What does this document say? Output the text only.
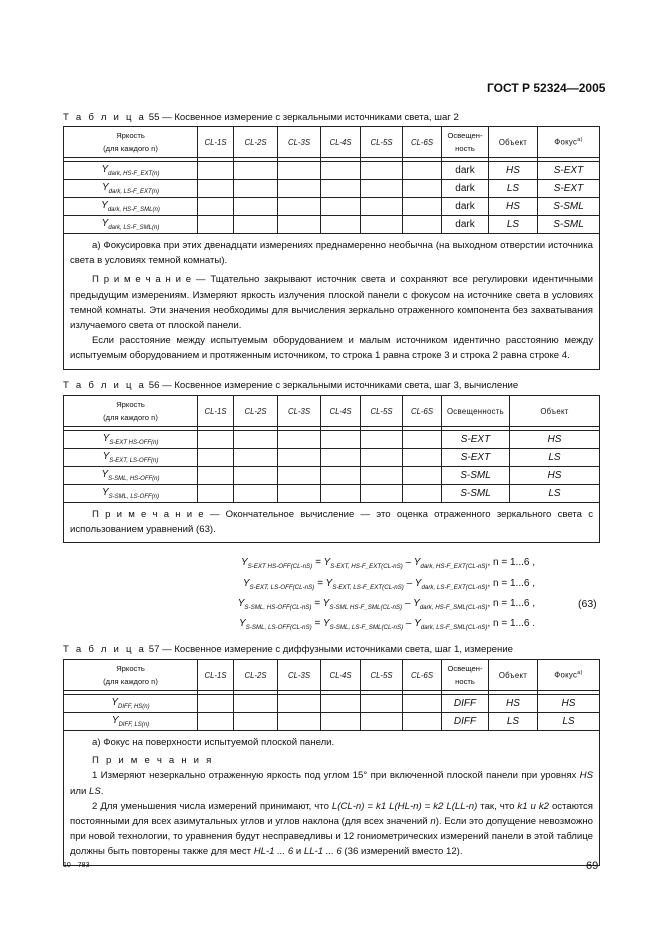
ГОСТ Р 52324—2005
Т а б л и ц а 55 — Косвенное измерение с зеркальными источниками света, шаг 2
Яркость
(для каждого n)	CL-1S	CL-2S	CL-3S	CL-4S	CL-5S	CL-6S	Освещен-
ность	Объект	Фокус$^{а)}$

$Y_{dark, HS-F\_EXT(n)}$							dark	HS	S-EXT
$Y_{dark, LS-F\_EXT(n)}$							dark	LS	S-EXT
$Y_{dark, HS-F\_SML(n)}$							dark	HS	S-SML
$Y_{dark, LS-F\_SML(n)}$							dark	LS	S-SML

а) Фокусировка при этих двенадцати измерениях преднамеренно необычна (на выходном отверстии источника света в условиях темной комнаты).

П р и м е ч а н и е — Тщательно закрывают источник света и сохраняют все регулировки идентичными предыдущим измерениям. Измеряют яркость излучения плоской панели с фокусом на источнике света в условиях темной комнаты. Эти значения необходимы для вычисления зеркально отраженного компонента без захватывания излучаемого света от плоской панели.

Если расстояние между испытуемым оборудованием и малым источником идентично расстоянию между испытуемым оборудованием и протяженным источником, то строка 1 равна строке 3 и строка 2 равна строке 4.									

Т а б л и ц а 56 — Косвенное измерение с зеркальными источниками света, шаг 3, вычисление
Яркость
(для каждого n)	CL-1S	CL-2S	CL-3S	CL-4S	CL-5S	CL-6S	Освещенность	Объект

$Y_{S-EXT HS-OFF(n)}$							S-EXT	HS
$Y_{S-EXT, LS-OFF(n)}$							S-EXT	LS
$Y_{S-SML, HS-OFF(n)}$							S-SML	HS
$Y_{S-SML, LS-OFF(n)}$							S-SML	LS

П р и м е ч а н и е — Окончательное вычисление — это оценка отраженного зеркального света с использованием уравнений (63).								

$Y_{S-EXT HS-OFF(CL-nS)} = Y_{S-EXT, HS-F\_EXT(CL-nS)} - Y_{dark, HS-F\_EXT(CL-nS)}$, n = 1...6 ,
$Y_{S-EXT, LS-OFF(CL-nS)} = Y_{S-EXT, LS-F\_EXT(CL-nS)} - Y_{dark, LS-F\_EXT(CL-nS)}$, n = 1...6 ,
$Y_{S-SML, HS-OFF(CL-nS)} = Y_{S-SML HS-F\_SML(CL-nS)} - Y_{dark, HS-F\_SML(CL-nS)}$, n = 1...6 ,
$Y_{S-SML, LS-OFF(CL-nS)} = Y_{S-SML, LS-F\_SML(CL-nS)} - Y_{dark, LS-F\_SML(CL-nS)}$, n = 1...6 .
(63)
Т а б л и ц а 57 — Косвенное измерение с диффузными источниками света, шаг 1, измерение
Яркость
(для каждого n)	CL-1S	CL-2S	CL-3S	CL-4S	CL-5S	CL-6S	Освещен-
ность	Объект	Фокус$^{а)}$

$Y_{DIFF, HS(n)}$							DIFF	HS	HS
$Y_{DIFF, LS(n)}$							DIFF	LS	LS

а) Фокус на поверхности испытуемой плоской панели.

П р и м е ч а н и я

1 Измеряют незеркально отраженную яркость под углом 15° при включенной плоской панели при уровнях HS или LS.

2 Для уменьшения числа измерений принимают, что L(CL-n) = k1 L(HL-n) = k2 L(LL-n) так, что k1 и k2 остаются постоянными для всех азимутальных углов и углов наклона (для всех значений n). Если это допущение невозможно при новой технологии, то уравнения будут несправедливы и 12 гониометрических измерений панели в этой таблице должны быть повторены также для мест HL-1 ... 6 и LL-1 ... 6 (36 измерений вместо 12).									

10—783	69
